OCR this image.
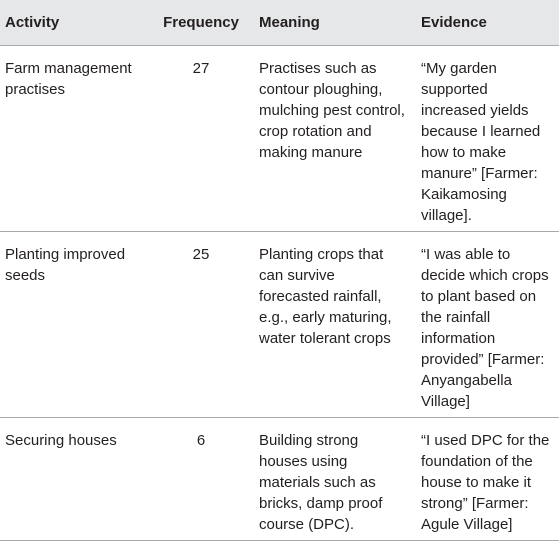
Activity	Frequency	Meaning	Evidence
Farm management practises	27	Practises such as contour ploughing, mulching pest control, crop rotation and making manure	“My garden supported increased yields because I learned how to make manure” [Farmer: Kaikamosing village].
Planting improved seeds	25	Planting crops that can survive forecasted rainfall, e.g., early maturing, water tolerant crops	“I was able to decide which crops to plant based on the rainfall information provided” [Farmer: Anyangabella Village]
Securing houses	6	Building strong houses using materials such as bricks, damp proof course (DPC).	“I used DPC for the foundation of the house to make it strong” [Farmer: Agule Village]
